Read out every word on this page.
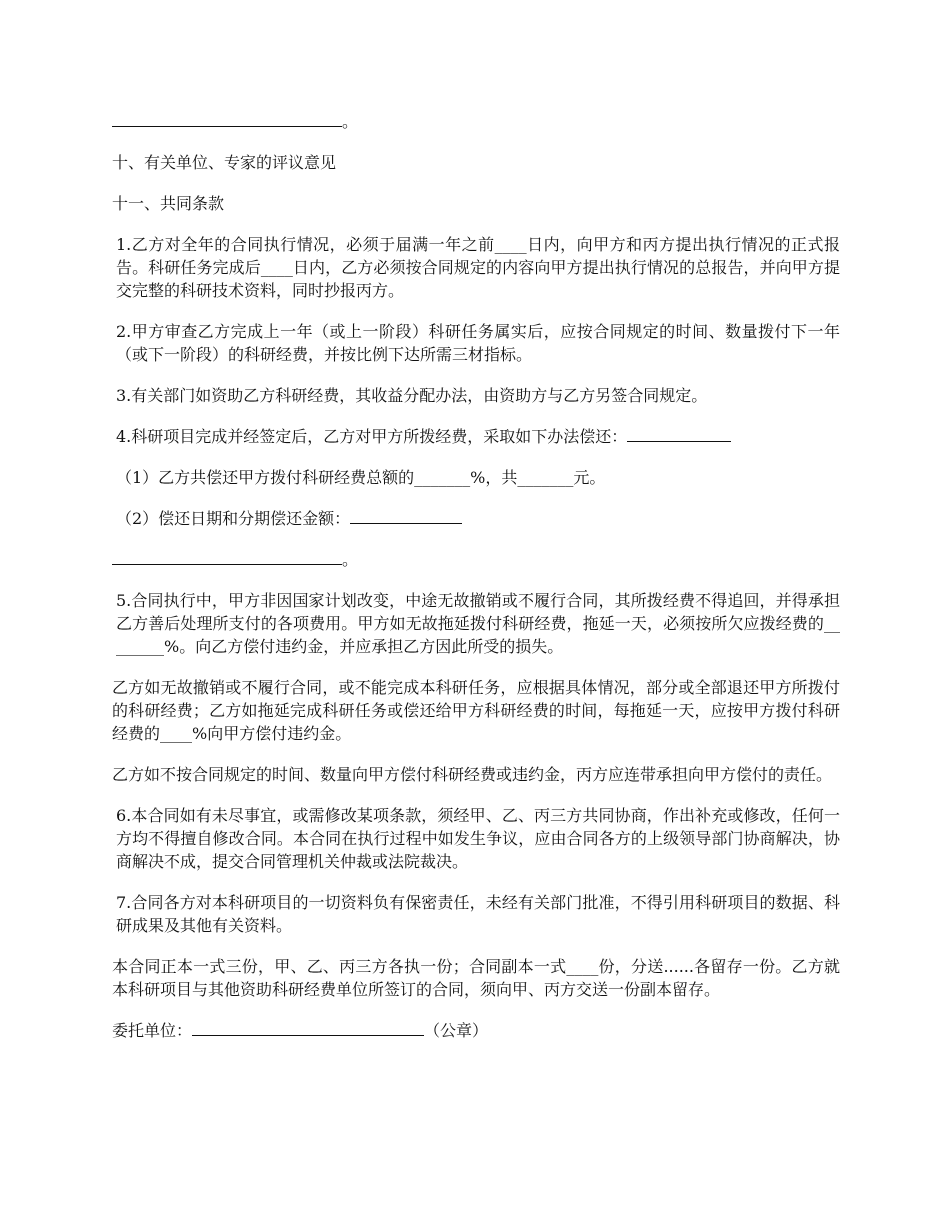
。

十、有关单位、专家的评议意见

十一、共同条款

1.乙方对全年的合同执行情况，必须于届满一年之前____日内，向甲方和丙方提出执行情况的正式报告。科研任务完成后____日内，乙方必须按合同规定的内容向甲方提出执行情况的总报告，并向甲方提交完整的科研技术资料，同时抄报丙方。

2.甲方审查乙方完成上一年（或上一阶段）科研任务属实后，应按合同规定的时间、数量拨付下一年（或下一阶段）的科研经费，并按比例下达所需三材指标。

3.有关部门如资助乙方科研经费，其收益分配办法，由资助方与乙方另签合同规定。

4.科研项目完成并经签定后，乙方对甲方所拨经费，采取如下办法偿还：

（1）乙方共偿还甲方拨付科研经费总额的_______%，共_______元。

（2）偿还日期和分期偿还金额：

。

5.合同执行中，甲方非因国家计划改变，中途无故撤销或不履行合同，其所拨经费不得追回，并得承担乙方善后处理所支付的各项费用。甲方如无故拖延拨付科研经费，拖延一天，必须按所欠应拨经费的________%。向乙方偿付违约金，并应承担乙方因此所受的损失。

乙方如无故撤销或不履行合同，或不能完成本科研任务，应根据具体情况，部分或全部退还甲方所拨付的科研经费；乙方如拖延完成科研任务或偿还给甲方科研经费的时间，每拖延一天，应按甲方拨付科研经费的____%向甲方偿付违约金。

乙方如不按合同规定的时间、数量向甲方偿付科研经费或违约金，丙方应连带承担向甲方偿付的责任。

6.本合同如有未尽事宜，或需修改某项条款，须经甲、乙、丙三方共同协商，作出补充或修改，任何一方均不得擅自修改合同。本合同在执行过程中如发生争议，应由合同各方的上级领导部门协商解决，协商解决不成，提交合同管理机关仲裁或法院裁决。

7.合同各方对本科研项目的一切资料负有保密责任，未经有关部门批准，不得引用科研项目的数据、科研成果及其他有关资料。

本合同正本一式三份，甲、乙、丙三方各执一份；合同副本一式____份，分送......各留存一份。乙方就本科研项目与其他资助科研经费单位所签订的合同，须向甲、丙方交送一份副本留存。

委托单位：	（公章）
